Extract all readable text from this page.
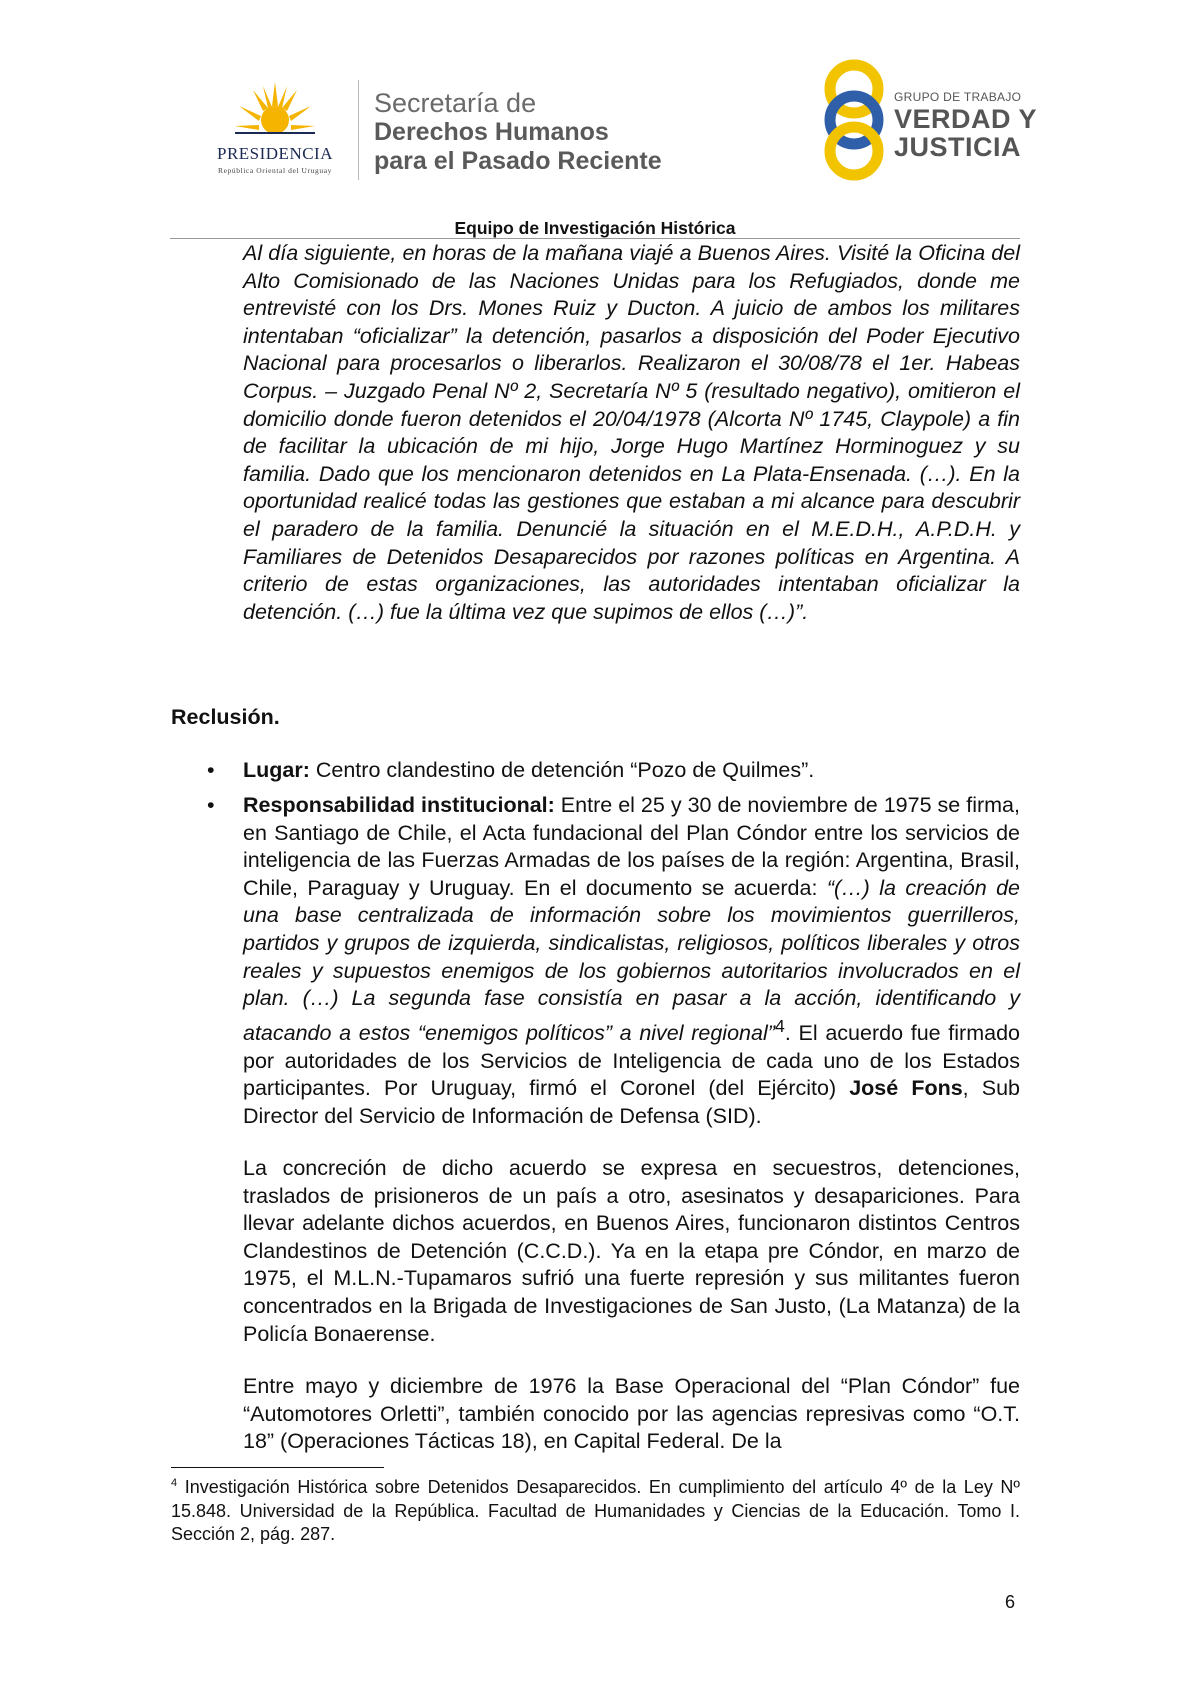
PRESIDENCIA
República Oriental del Uruguay
Secretaría de
Derechos Humanos
para el Pasado Reciente
GRUPO DE TRABAJO
VERDAD Y
JUSTICIA
Equipo de Investigación Histórica

Al día siguiente, en horas de la mañana viajé a Buenos Aires. Visité la Oficina del Alto Comisionado de las Naciones Unidas para los Refugiados, donde me entrevisté con los Drs. Mones Ruiz y Ducton. A juicio de ambos los militares intentaban “oficializar” la detención, pasarlos a disposición del Poder Ejecutivo Nacional para procesarlos o liberarlos. Realizaron el 30/08/78 el 1er. Habeas Corpus. – Juzgado Penal Nº 2, Secretaría Nº 5 (resultado negativo), omitieron el domicilio donde fueron detenidos el 20/04/1978 (Alcorta Nº 1745, Claypole) a fin de facilitar la ubicación de mi hijo, Jorge Hugo Martínez Horminoguez y su familia. Dado que los mencionaron detenidos en La Plata-Ensenada. (…). En la oportunidad realicé todas las gestiones que estaban a mi alcance para descubrir el paradero de la familia. Denuncié la situación en el M.E.D.H., A.P.D.H. y Familiares de Detenidos Desaparecidos por razones políticas en Argentina. A criterio de estas organizaciones, las autoridades intentaban oficializar la detención. (…) fue la última vez que supimos de ellos (…)”.

Reclusión.

• Lugar: Centro clandestino de detención “Pozo de Quilmes”.

• Responsabilidad institucional: Entre el 25 y 30 de noviembre de 1975 se firma, en Santiago de Chile, el Acta fundacional del Plan Cóndor entre los servicios de inteligencia de las Fuerzas Armadas de los países de la región: Argentina, Brasil, Chile, Paraguay y Uruguay. En el documento se acuerda: “(…) la creación de una base centralizada de información sobre los movimientos guerrilleros, partidos y grupos de izquierda, sindicalistas, religiosos, políticos liberales y otros reales y supuestos enemigos de los gobiernos autoritarios involucrados en el plan. (…) La segunda fase consistía en pasar a la acción, identificando y atacando a estos “enemigos políticos” a nivel regional”$^4$. El acuerdo fue firmado por autoridades de los Servicios de Inteligencia de cada uno de los Estados participantes. Por Uruguay, firmó el Coronel (del Ejército) José Fons, Sub Director del Servicio de Información de Defensa (SID).

La concreción de dicho acuerdo se expresa en secuestros, detenciones, traslados de prisioneros de un país a otro, asesinatos y desapariciones. Para llevar adelante dichos acuerdos, en Buenos Aires, funcionaron distintos Centros Clandestinos de Detención (C.C.D.). Ya en la etapa pre Cóndor, en marzo de 1975, el M.L.N.-Tupamaros sufrió una fuerte represión y sus militantes fueron concentrados en la Brigada de Investigaciones de San Justo, (La Matanza) de la Policía Bonaerense.

Entre mayo y diciembre de 1976 la Base Operacional del “Plan Cóndor” fue “Automotores Orletti”, también conocido por las agencias represivas como “O.T. 18” (Operaciones Tácticas 18), en Capital Federal. De la

$^4$ Investigación Histórica sobre Detenidos Desaparecidos. En cumplimiento del artículo 4º de la Ley Nº 15.848. Universidad de la República. Facultad de Humanidades y Ciencias de la Educación. Tomo I. Sección 2, pág. 287.

6
